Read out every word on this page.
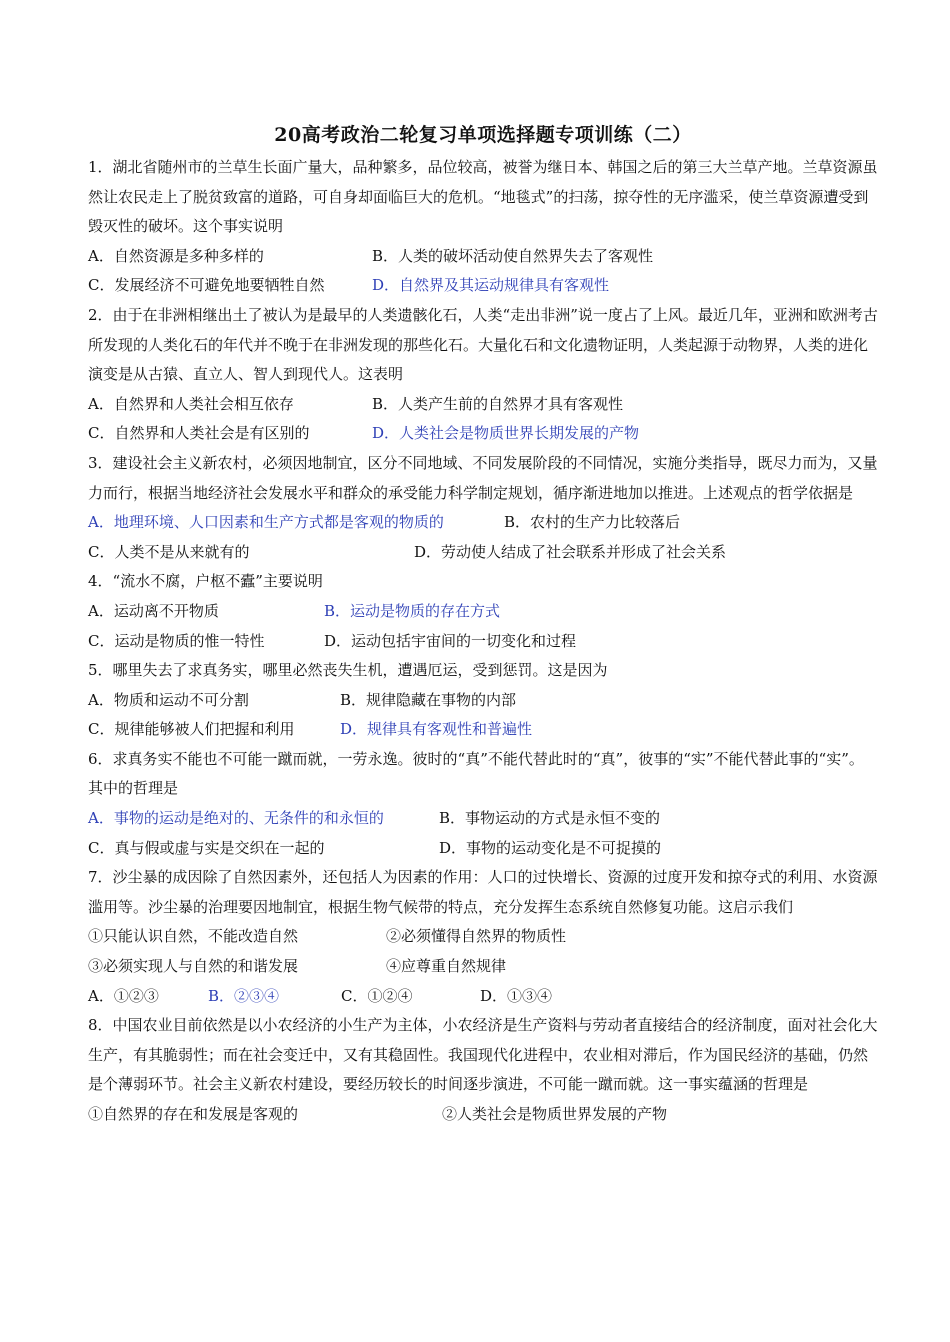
20高考政治二轮复习单项选择题专项训练（二）

1．湖北省随州市的兰草生长面广量大，品种繁多，品位较高，被誉为继日本、韩国之后的第三大兰草产地。兰草资源虽然让农民走上了脱贫致富的道路，可自身却面临巨大的危机。“地毯式”的扫荡，掠夺性的无序滥采，使兰草资源遭受到毁灭性的破坏。这个事实说明

A．自然资源是多种多样的	B．人类的破坏活动使自然界失去了客观性
C．发展经济不可避免地要牺牲自然	D．自然界及其运动规律具有客观性

2．由于在非洲相继出土了被认为是最早的人类遗骸化石，人类“走出非洲”说一度占了上风。最近几年，亚洲和欧洲考古所发现的人类化石的年代并不晚于在非洲发现的那些化石。大量化石和文化遗物证明，人类起源于动物界，人类的进化演变是从古猿、直立人、智人到现代人。这表明

A．自然界和人类社会相互依存	B．人类产生前的自然界才具有客观性
C．自然界和人类社会是有区别的	D．人类社会是物质世界长期发展的产物

3．建设社会主义新农村，必须因地制宜，区分不同地域、不同发展阶段的不同情况，实施分类指导，既尽力而为，又量力而行，根据当地经济社会发展水平和群众的承受能力科学制定规划，循序渐进地加以推进。上述观点的哲学依据是

A．地理环境、人口因素和生产方式都是客观的物质的	B．农村的生产力比较落后
C．人类不是从来就有的	D．劳动使人结成了社会联系并形成了社会关系

4．“流水不腐，户枢不蠹”主要说明

A．运动离不开物质	B．运动是物质的存在方式
C．运动是物质的惟一特性	D．运动包括宇宙间的一切变化和过程

5．哪里失去了求真务实，哪里必然丧失生机，遭遇厄运，受到惩罚。这是因为

A．物质和运动不可分割	B．规律隐藏在事物的内部
C．规律能够被人们把握和利用	D．规律具有客观性和普遍性

6．求真务实不能也不可能一蹴而就，一劳永逸。彼时的“真”不能代替此时的“真”，彼事的“实”不能代替此事的“实”。其中的哲理是

A．事物的运动是绝对的、无条件的和永恒的	B．事物运动的方式是永恒不变的
C．真与假或虚与实是交织在一起的	D．事物的运动变化是不可捉摸的

7．沙尘暴的成因除了自然因素外，还包括人为因素的作用：人口的过快增长、资源的过度开发和掠夺式的利用、水资源滥用等。沙尘暴的治理要因地制宜，根据生物气候带的特点，充分发挥生态系统自然修复功能。这启示我们

①只能认识自然，不能改造自然	②必须懂得自然界的物质性
③必须实现人与自然的和谐发展	④应尊重自然规律
A．①②③	B．②③④	C．①②④	D．①③④

8．中国农业目前依然是以小农经济的小生产为主体，小农经济是生产资料与劳动者直接结合的经济制度，面对社会化大生产，有其脆弱性；而在社会变迁中，又有其稳固性。我国现代化进程中，农业相对滞后，作为国民经济的基础，仍然是个薄弱环节。社会主义新农村建设，要经历较长的时间逐步演进，不可能一蹴而就。这一事实蕴涵的哲理是

①自然界的存在和发展是客观的	②人类社会是物质世界发展的产物
